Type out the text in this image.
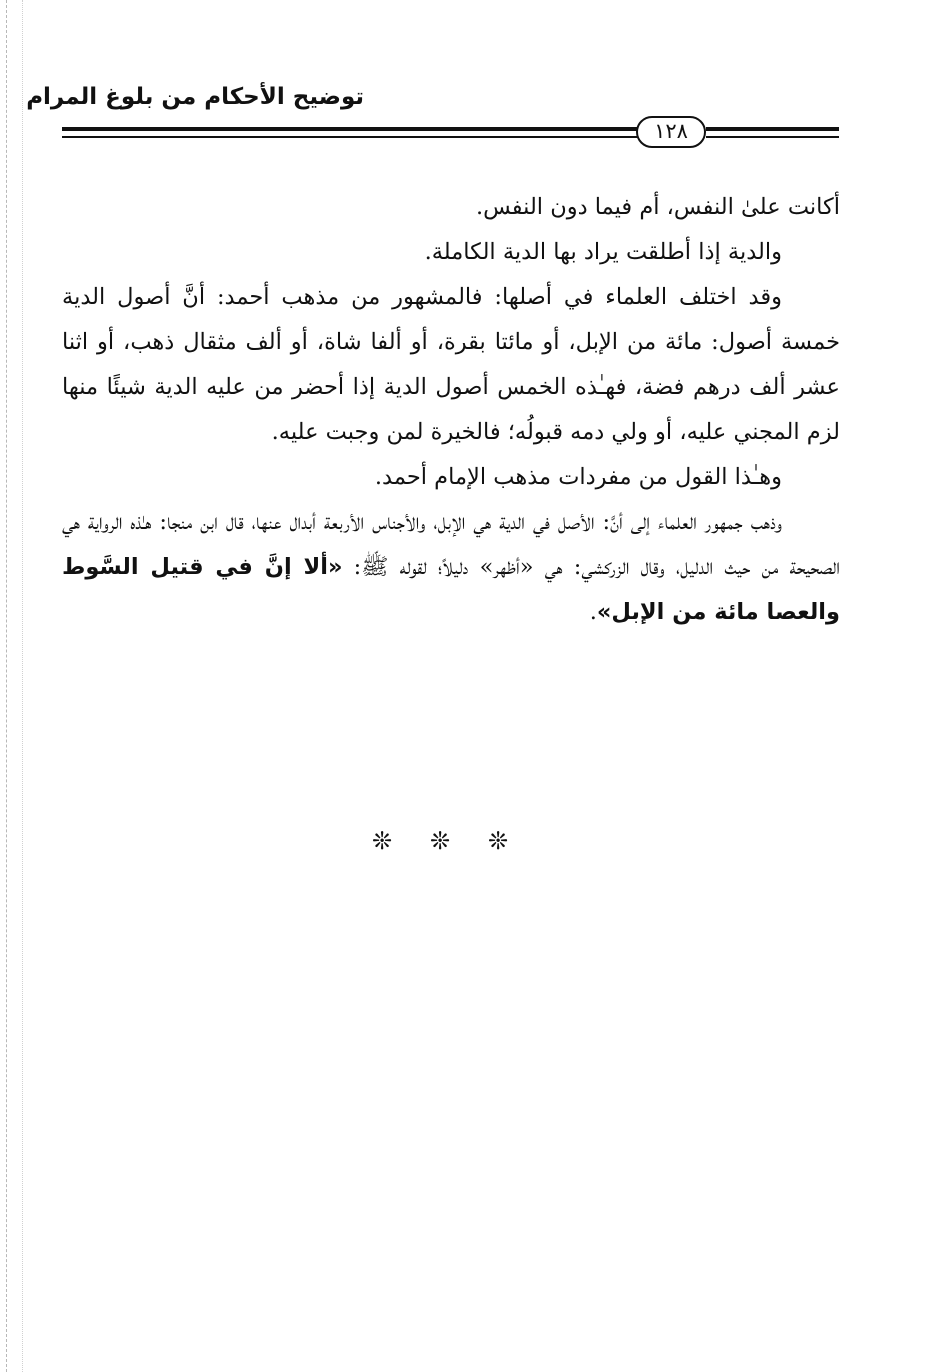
توضيح الأحكام من بلوغ المرام
١٢٨

أكانت علىٰ النفس، أم فيما دون النفس.

والدية إذا أطلقت يراد بها الدية الكاملة.

وقد اختلف العلماء في أصلها: فالمشهور من مذهب أحمد: أنَّ أصول الدية خمسة أصول: مائة من الإبل، أو مائتا بقرة، أو ألفا شاة، أو ألف مثقال ذهب، أو اثنا عشر ألف درهم فضة، فهـٰذه الخمس أصول الدية إذا أحضر من عليه الدية شيئًا منها لزم المجني عليه، أو ولي دمه قبولُه؛ فالخيرة لمن وجبت عليه.

وهـٰذا القول من مفردات مذهب الإمام أحمد.

وذهب جمهور العلماء إلى أنَّ: الأصل في الدية هي الإبل، والأجناس الأربعة أبدال عنها، قال ابن منجا: هـٰذه الرواية هي الصحيحة من حيث الدليل، وقال الزركشي: هي «أظهر» دليلاً؛ لقوله ﷺ: «ألا إنَّ في قتيل السَّوط والعصا مائة من الإبل».

❊
❊
❊
